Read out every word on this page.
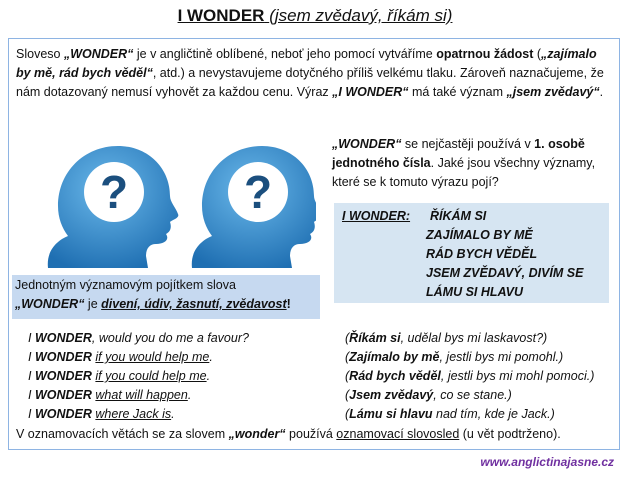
I WONDER (jsem zvědavý, říkám si)
Sloveso „WONDER“ je v angličtině oblíbené, neboť jeho pomocí vytváříme opatrnou žádost („zajímalo by mě, rád bych věděl“, atd.) a nevystavujeme dotyčného příliš velkému tlaku. Zároveň naznačujeme, že nám dotazovaný nemusí vyhovět za každou cenu. Výraz „I WONDER“ má také význam „jsem zvědavý“.
?	?
„WONDER“ se nejčastěji používá v 1. osobě jednotného čísla. Jaké jsou všechny významy, které se k tomuto výrazu pojí?
I WONDER: ŘÍKÁM SI
ZAJÍMALO BY MĚ
RÁD BYCH VĚDĚL
JSEM ZVĚDAVÝ, DIVÍM SE
LÁMU SI HLAVU
Jednotným významovým pojítkem slova
„WONDER“ je divení, údiv, žasnutí, zvědavost!
I WONDER, would you do me a favour?
I WONDER if you would help me.
I WONDER if you could help me.
I WONDER what will happen.
I WONDER where Jack is.
(Říkám si, udělal bys mi laskavost?)
(Zajímalo by mě, jestli bys mi pomohl.)
(Rád bych věděl, jestli bys mi mohl pomoci.)
(Jsem zvědavý, co se stane.)
(Lámu si hlavu nad tím, kde je Jack.)
V oznamovacích větách se za slovem „wonder“ používá oznamovací slovosled (u vět podtrženo).
www.anglictinajasne.cz
